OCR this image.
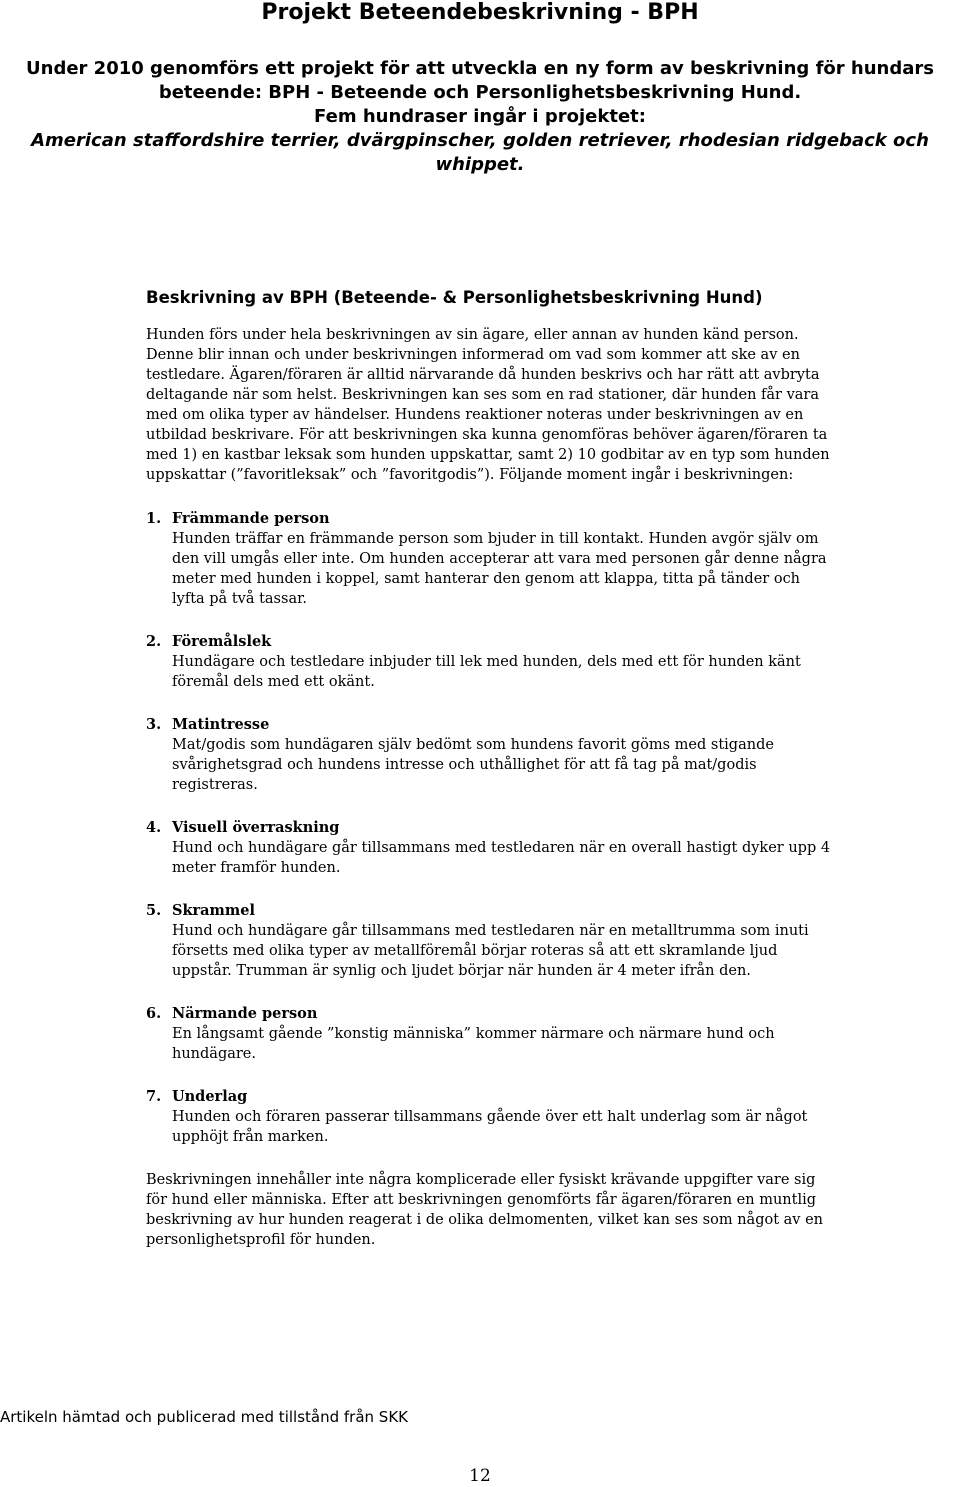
Projekt Beteendebeskrivning - BPH

Under 2010 genomförs ett projekt för att utveckla en ny form av beskrivning för hundars beteende: BPH - Beteende och Personlighetsbeskrivning Hund.

Fem hundraser ingår i projektet:

American staffordshire terrier, dvärgpinscher, golden retriever, rhodesian ridgeback och whippet.

Beskrivning av BPH (Beteende- & Personlighetsbeskrivning Hund)

Hunden förs under hela beskrivningen av sin ägare, eller annan av hunden känd person. Denne blir innan och under beskrivningen informerad om vad som kommer att ske av en testledare. Ägaren/föraren är alltid närvarande då hunden beskrivs och har rätt att avbryta deltagande när som helst. Beskrivningen kan ses som en rad stationer, där hunden får vara med om olika typer av händelser. Hundens reaktioner noteras under beskrivningen av en utbildad beskrivare. För att beskrivningen ska kunna genomföras behöver ägaren/föraren ta med 1) en kastbar leksak som hunden uppskattar, samt 2) 10 godbitar av en typ som hunden uppskattar (”favoritleksak” och ”favoritgodis”). Följande moment ingår i beskrivningen:

1. Främmande person
Hunden träffar en främmande person som bjuder in till kontakt. Hunden avgör själv om den vill umgås eller inte. Om hunden accepterar att vara med personen går denne några meter med hunden i koppel, samt hanterar den genom att klappa, titta på tänder och lyfta på två tassar.
2. Föremålslek
Hundägare och testledare inbjuder till lek med hunden, dels med ett för hunden känt föremål dels med ett okänt.
3. Matintresse
Mat/godis som hundägaren själv bedömt som hundens favorit göms med stigande svårighetsgrad och hundens intresse och uthållighet för att få tag på mat/godis registreras.
4. Visuell överraskning
Hund och hundägare går tillsammans med testledaren när en overall hastigt dyker upp 4 meter framför hunden.
5. Skrammel
Hund och hundägare går tillsammans med testledaren när en metalltrumma som inuti försetts med olika typer av metallföremål börjar roteras så att ett skramlande ljud uppstår. Trumman är synlig och ljudet börjar när hunden är 4 meter ifrån den.
6. Närmande person
En långsamt gående ”konstig människa” kommer närmare och närmare hund och hundägare.
7. Underlag
Hunden och föraren passerar tillsammans gående över ett halt underlag som är något upphöjt från marken.

Beskrivningen innehåller inte några komplicerade eller fysiskt krävande uppgifter vare sig för hund eller människa. Efter att beskrivningen genomförts får ägaren/föraren en muntlig beskrivning av hur hunden reagerat i de olika delmomenten, vilket kan ses som något av en personlighetsprofil för hunden.

Artikeln hämtad och publicerad med tillstånd från SKK
12
